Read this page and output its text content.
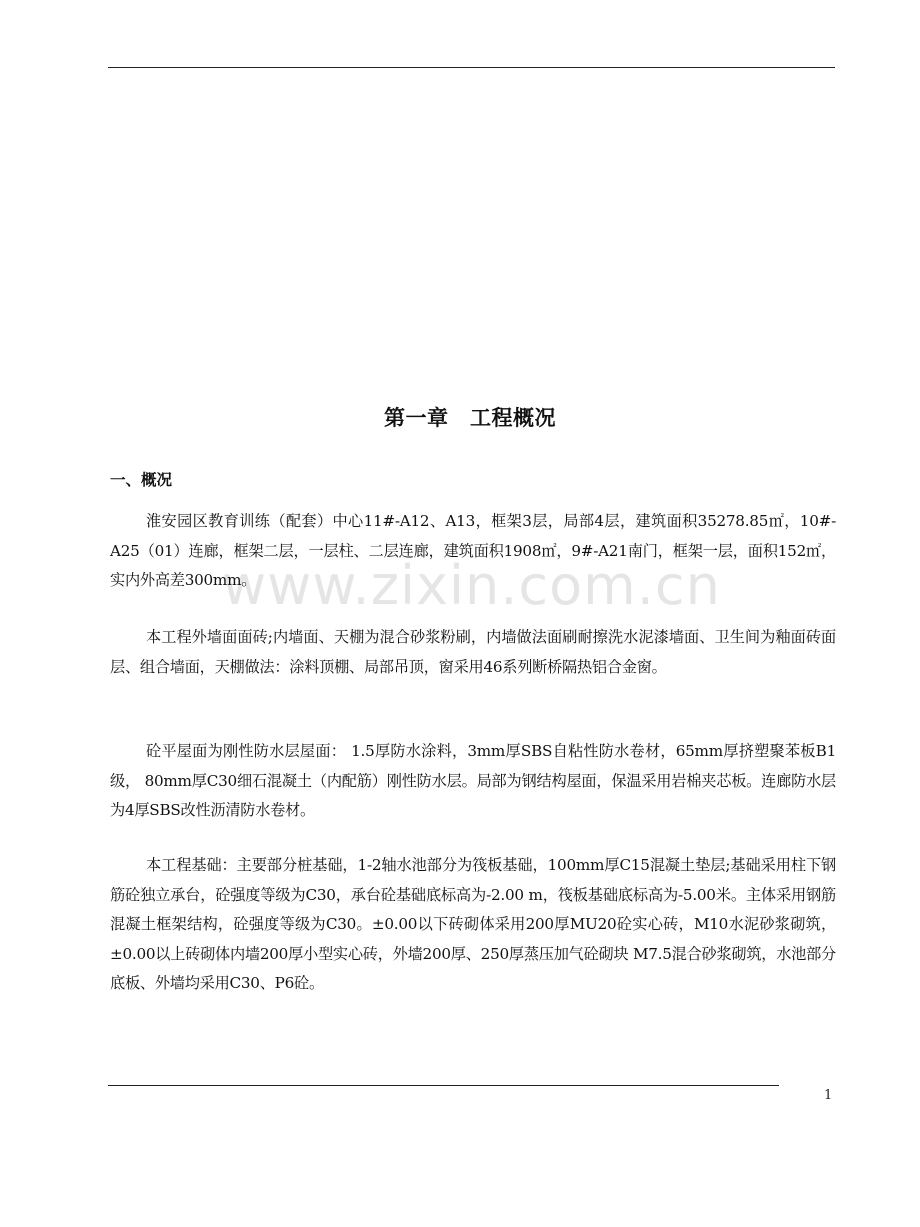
第一章　工程概况
一、概况

淮安园区教育训练（配套）中心11#-A12、A13，框架3层，局部4层，建筑面积35278.85㎡，10#-A25（01）连廊，框架二层，一层柱、二层连廊，建筑面积1908㎡，9#-A21南门，框架一层，面积152㎡，实内外高差300mm。

本工程外墙面面砖;内墙面、天棚为混合砂浆粉刷，内墙做法面刷耐擦洗水泥漆墙面、卫生间为釉面砖面层、组合墙面，天棚做法：涂料顶棚、局部吊顶，窗采用46系列断桥隔热铝合金窗。

砼平屋面为刚性防水层屋面： 1.5厚防水涂料，3mm厚SBS自粘性防水卷材，65mm厚挤塑聚苯板B1级， 80mm厚C30细石混凝土（内配筋）刚性防水层。局部为钢结构屋面，保温采用岩棉夹芯板。连廊防水层为4厚SBS改性沥清防水卷材。

本工程基础：主要部分桩基础，1-2轴水池部分为筏板基础，100mm厚C15混凝土垫层;基础采用柱下钢筋砼独立承台，砼强度等级为C30，承台砼基础底标高为-2.00 m，筏板基础底标高为-5.00米。主体采用钢筋混凝土框架结构，砼强度等级为C30。±0.00以下砖砌体采用200厚MU20砼实心砖，M10水泥砂浆砌筑，±0.00以上砖砌体内墙200厚小型实心砖，外墙200厚、250厚蒸压加气砼砌块 M7.5混合砂浆砌筑，水池部分底板、外墙均采用C30、P6砼。

www.zixin.com.cn
1
